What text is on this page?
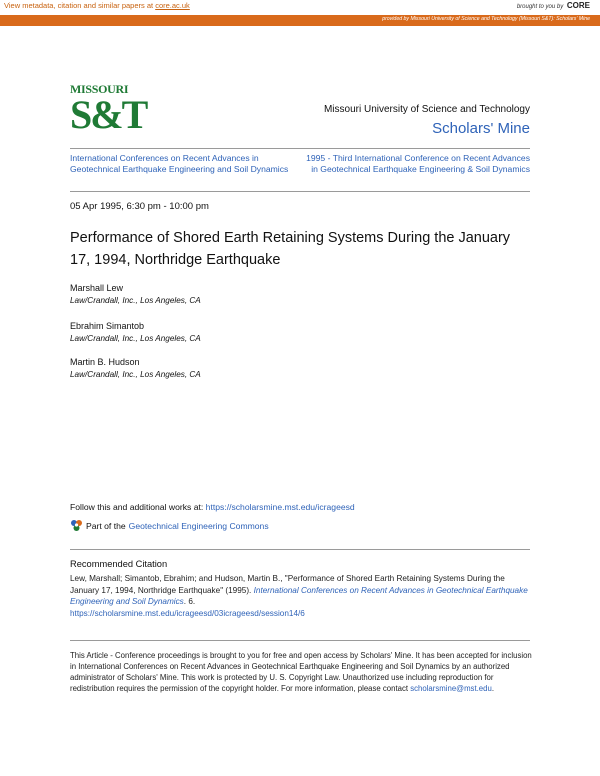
View metadata, citation and similar papers at core.ac.uk	brought to you by CORE
provided by Missouri University of Science and Technology (Missouri S&T): Scholars' Mine
MISSOURI
S&T	Missouri University of Science and Technology
Scholars' Mine
International Conferences on Recent Advances in Geotechnical Earthquake Engineering and Soil Dynamics
1995 - Third International Conference on Recent Advances in Geotechnical Earthquake Engineering & Soil Dynamics
05 Apr 1995, 6:30 pm - 10:00 pm
Performance of Shored Earth Retaining Systems During the January 17, 1994, Northridge Earthquake
Marshall Lew
Law/Crandall, Inc., Los Angeles, CA
Ebrahim Simantob
Law/Crandall, Inc., Los Angeles, CA
Martin B. Hudson
Law/Crandall, Inc., Los Angeles, CA
Follow this and additional works at: https://scholarsmine.mst.edu/icrageesd
Part of the Geotechnical Engineering Commons
Recommended Citation
Lew, Marshall; Simantob, Ebrahim; and Hudson, Martin B., "Performance of Shored Earth Retaining Systems During the January 17, 1994, Northridge Earthquake" (1995). International Conferences on Recent Advances in Geotechnical Earthquake Engineering and Soil Dynamics. 6.
https://scholarsmine.mst.edu/icrageesd/03icrageesd/session14/6
This Article - Conference proceedings is brought to you for free and open access by Scholars' Mine. It has been accepted for inclusion in International Conferences on Recent Advances in Geotechnical Earthquake Engineering and Soil Dynamics by an authorized administrator of Scholars' Mine. This work is protected by U. S. Copyright Law. Unauthorized use including reproduction for redistribution requires the permission of the copyright holder. For more information, please contact scholarsmine@mst.edu.
